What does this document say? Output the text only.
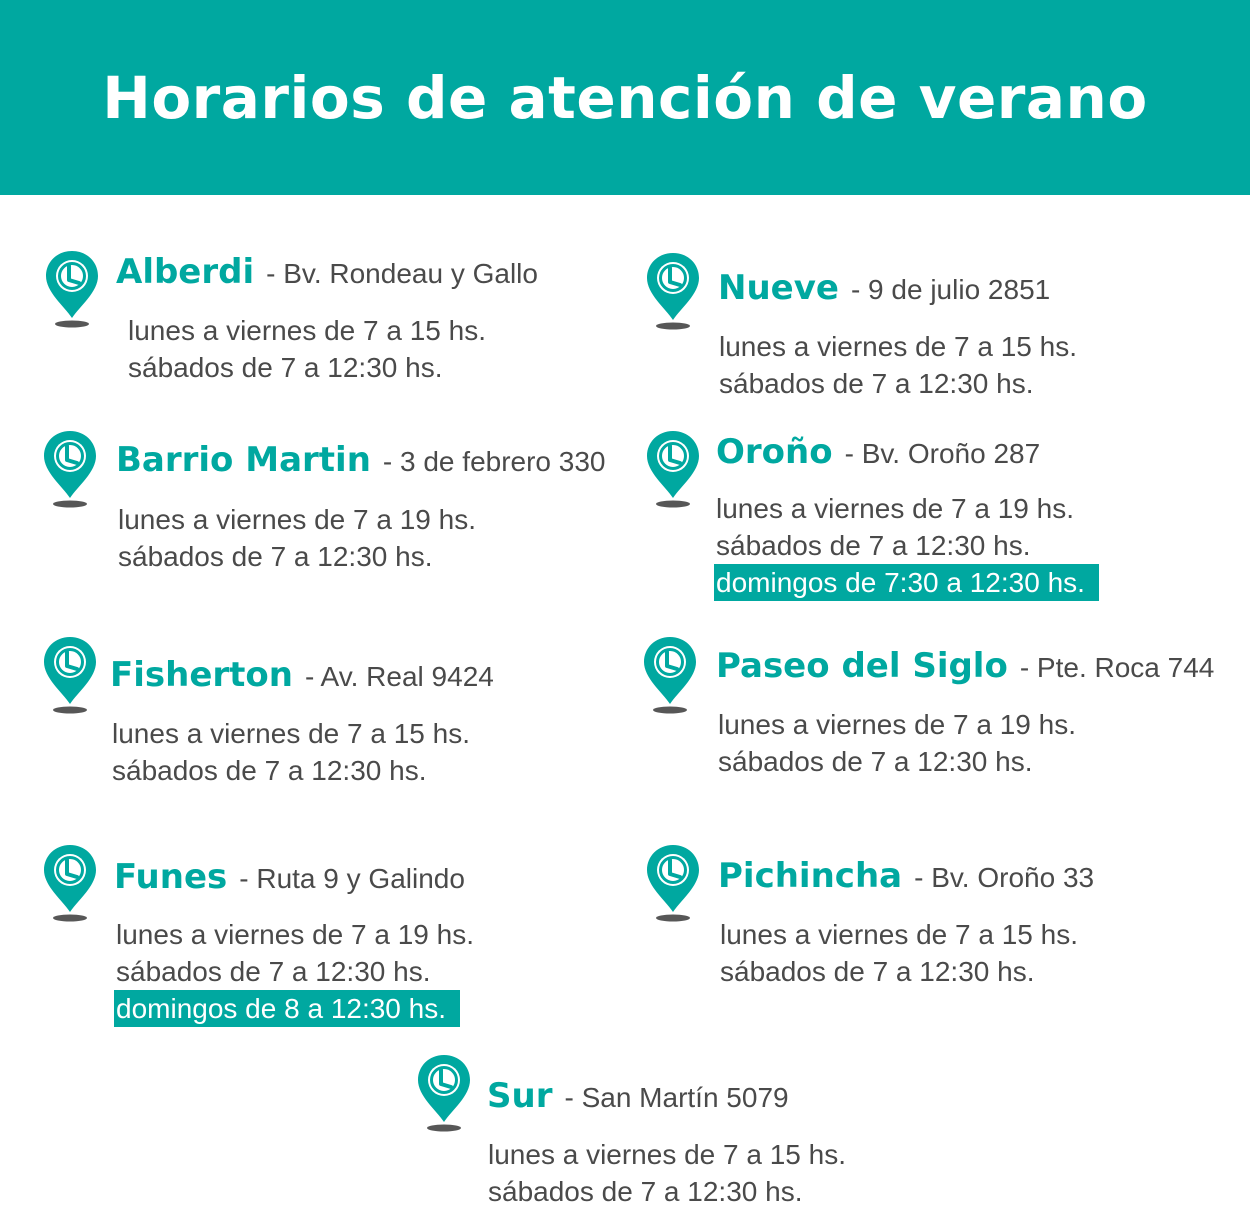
Horarios de atención de verano
Alberdi - Bv. Rondeau y Gallo
lunes a viernes de 7 a 15 hs.
sábados de 7 a 12:30 hs.
Nueve - 9 de julio 2851
lunes a viernes de 7 a 15 hs.
sábados de 7 a 12:30 hs.
Barrio Martin - 3 de febrero 330
lunes a viernes de 7 a 19 hs.
sábados de 7 a 12:30 hs.
Oroño - Bv. Oroño 287
lunes a viernes de 7 a 19 hs.
sábados de 7 a 12:30 hs.
domingos de 7:30 a 12:30 hs.
Fisherton - Av. Real 9424
lunes a viernes de 7 a 15 hs.
sábados de 7 a 12:30 hs.
Paseo del Siglo - Pte. Roca 744
lunes a viernes de 7 a 19 hs.
sábados de 7 a 12:30 hs.
Funes - Ruta 9 y Galindo
lunes a viernes de 7 a 19 hs.
sábados de 7 a 12:30 hs.
domingos de 8 a 12:30 hs.
Pichincha - Bv. Oroño 33
lunes a viernes de 7 a 15 hs.
sábados de 7 a 12:30 hs.
Sur - San Martín 5079
lunes a viernes de 7 a 15 hs.
sábados de 7 a 12:30 hs.
